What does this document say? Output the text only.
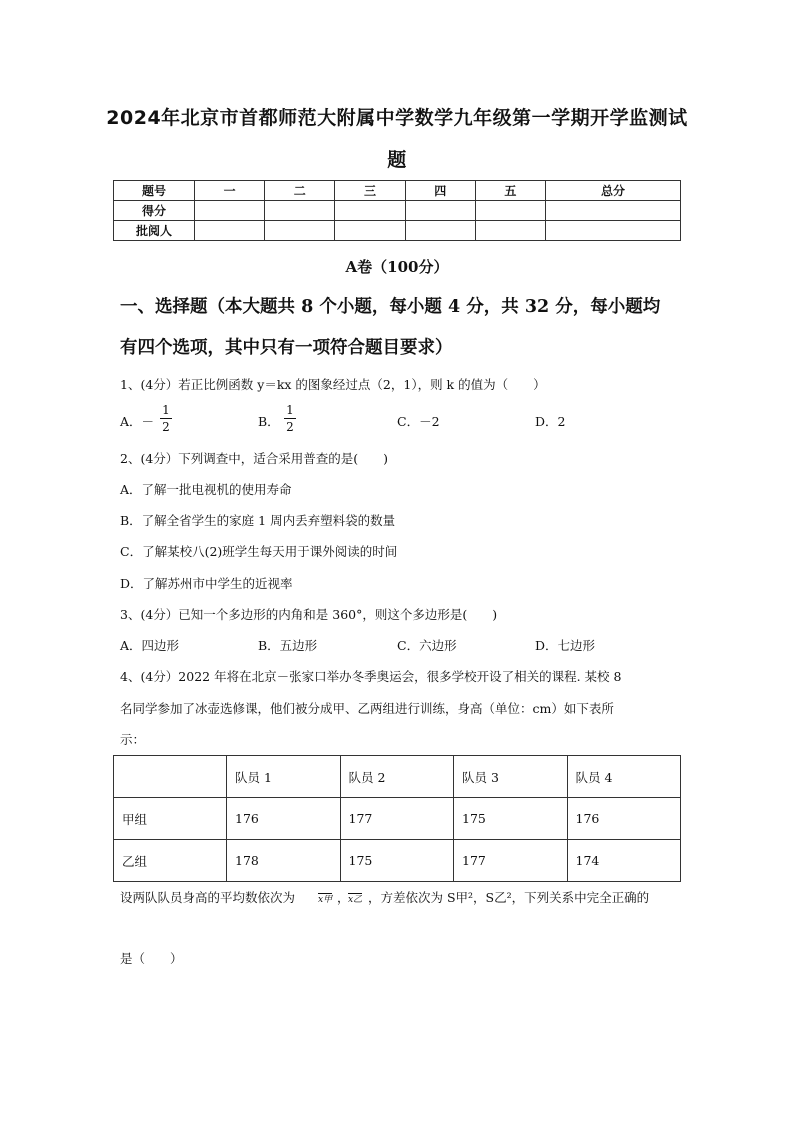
2024年北京市首都师范大附属中学数学九年级第一学期开学监测试
题
题号	一	二	三	四	五	总分
得分						
批阅人						
A卷（100分）
一、选择题（本大题共 8 个小题，每小题 4 分，共 32 分，每小题均
有四个选项，其中只有一项符合题目要求）
1、(4分）若正比例函数 y＝kx 的图象经过点（2，1），则 k 的值为（　　）
A．－
1
2	B．
1
2	C．－2	D．2
2、(4分）下列调查中，适合采用普查的是(　　)
A．了解一批电视机的使用寿命
B．了解全省学生的家庭 1 周内丢弃塑料袋的数量
C．了解某校八(2)班学生每天用于课外阅读的时间
D．了解苏州市中学生的近视率
3、(4分）已知一个多边形的内角和是 360°，则这个多边形是(　　)
A．四边形	B．五边形	C．六边形	D．七边形
4、(4分）2022 年将在北京－张家口举办冬季奥运会，很多学校开设了相关的课程. 某校 8
名同学参加了冰壶选修课，他们被分成甲、乙两组进行训练，身高（单位：cm）如下表所
示：
	队员 1	队员 2	队员 3	队员 4
甲组	176	177	175	176
乙组	178	175	177	174
设两队队员身高的平均数依次为	x甲 ，
x乙 ，方差依次为 S甲²，S乙²，下列关系中完全正确的
是（　　）
